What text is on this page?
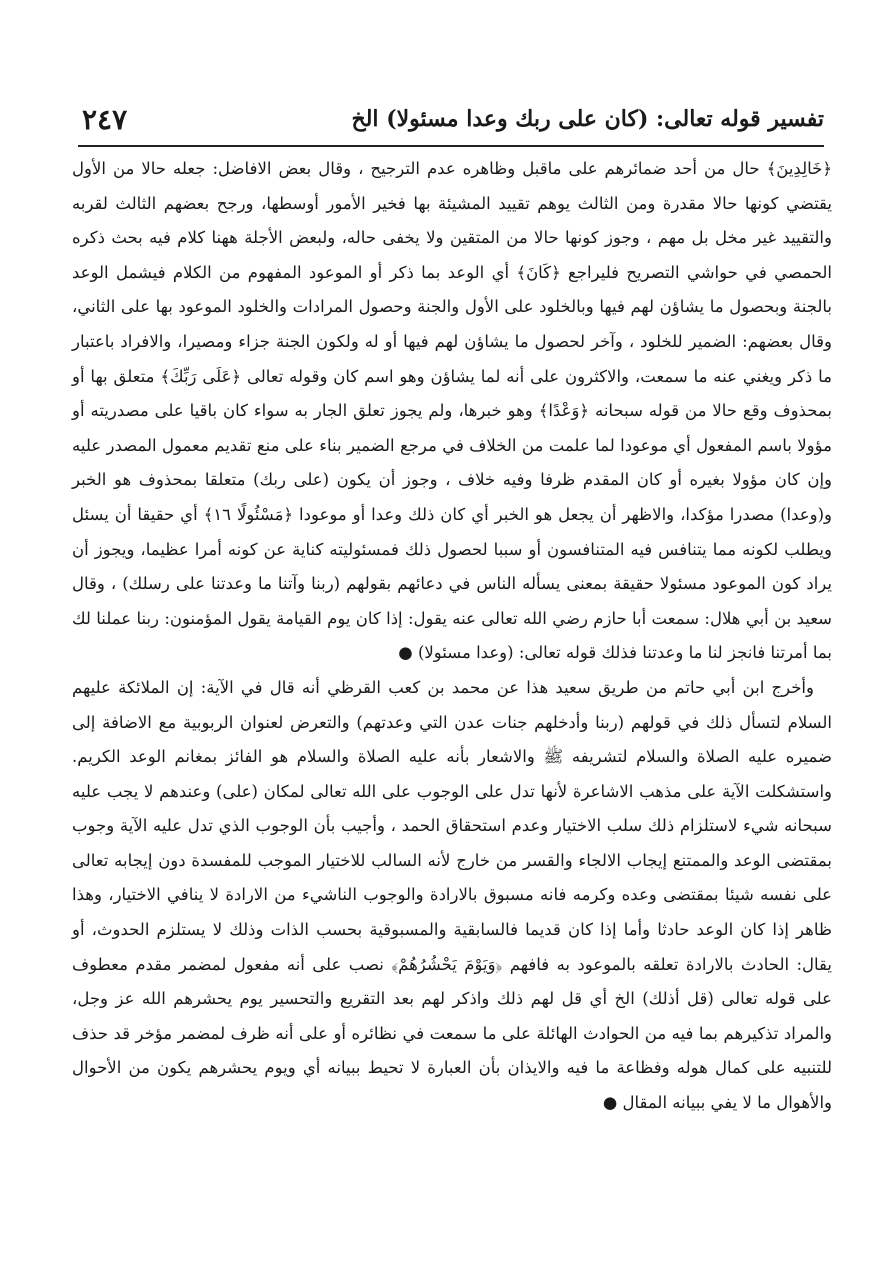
تفسير قوله تعالى: (كان على ربك وعدا مسئولا) الخ
٢٤٧

﴿خَالِدِينَ﴾ حال من أحد ضمائرهم على ماقبل وظاهره عدم الترجيح ، وقال بعض الافاضل: جعله حالا من الأول يقتضي كونها حالا مقدرة ومن الثالث يوهم تقييد المشيئة بها فخير الأمور أوسطها، ورجح بعضهم الثالث لقربه والتقييد غير مخل بل مهم ، وجوز كونها حالا من المتقين ولا يخفى حاله، ولبعض الأجلة ههنا كلام فيه بحث ذكره الحمصي في حواشي التصريح فليراجع ﴿كَانَ﴾ أي الوعد بما ذكر أو الموعود المفهوم من الكلام فيشمل الوعد بالجنة وبحصول ما يشاؤن لهم فيها وبالخلود على الأول والجنة وحصول المرادات والخلود الموعود بها على الثاني، وقال بعضهم: الضمير للخلود ، وآخر لحصول ما يشاؤن لهم فيها أو له ولكون الجنة جزاء ومصيرا، والافراد باعتبار ما ذكر ويغني عنه ما سمعت، والاكثرون على أنه لما يشاؤن وهو اسم كان وقوله تعالى ﴿عَلَى رَبِّكَ﴾ متعلق بها أو بمحذوف وقع حالا من قوله سبحانه ﴿وَعْدًا﴾ وهو خبرها، ولم يجوز تعلق الجار به سواء كان باقيا على مصدريته أو مؤولا باسم المفعول أي موعودا لما علمت من الخلاف في مرجع الضمير بناء على منع تقديم معمول المصدر عليه وإن كان مؤولا بغيره أو كان المقدم ظرفا وفيه خلاف ، وجوز أن يكون (على ربك) متعلقا بمحذوف هو الخبر و(وعدا) مصدرا مؤكدا، والاظهر أن يجعل هو الخبر أي كان ذلك وعدا أو موعودا ﴿مَسْئُولًا ١٦﴾ أي حقيقا أن يسئل ويطلب لكونه مما يتنافس فيه المتنافسون أو سببا لحصول ذلك فمسئوليته كناية عن كونه أمرا عظيما، ويجوز أن يراد كون الموعود مسئولا حقيقة بمعنى يسأله الناس في دعائهم بقولهم (ربنا وآتنا ما وعدتنا على رسلك) ، وقال سعيد بن أبي هلال: سمعت أبا حازم رضي الله تعالى عنه يقول: إذا كان يوم القيامة يقول المؤمنون: ربنا عملنا لك بما أمرتنا فانجز لنا ما وعدتنا فذلك قوله تعالى: (وعدا مسئولا) ●

وأخرج ابن أبي حاتم من طريق سعيد هذا عن محمد بن كعب القرظي أنه قال في الآية: إن الملائكة عليهم السلام لتسأل ذلك في قولهم (ربنا وأدخلهم جنات عدن التي وعدتهم) والتعرض لعنوان الربوبية مع الاضافة إلى ضميره عليه الصلاة والسلام لتشريفه ﷺ والاشعار بأنه عليه الصلاة والسلام هو الفائز بمغانم الوعد الكريم. واستشكلت الآية على مذهب الاشاعرة لأنها تدل على الوجوب على الله تعالى لمكان (على) وعندهم لا يجب عليه سبحانه شيء لاستلزام ذلك سلب الاختيار وعدم استحقاق الحمد ، وأجيب بأن الوجوب الذي تدل عليه الآية وجوب بمقتضى الوعد والممتنع إيجاب الالجاء والقسر من خارج لأنه السالب للاختيار الموجب للمفسدة دون إيجابه تعالى على نفسه شيئا بمقتضى وعده وكرمه فانه مسبوق بالارادة والوجوب الناشيء من الارادة لا ينافي الاختيار، وهذا ظاهر إذا كان الوعد حادثا وأما إذا كان قديما فالسابقية والمسبوقية بحسب الذات وذلك لا يستلزم الحدوث، أو يقال: الحادث بالارادة تعلقه بالموعود به فافهم ﴿وَيَوْمَ يَحْشُرُهُمْ﴾ نصب على أنه مفعول لمضمر مقدم معطوف على قوله تعالى (قل أذلك) الخ أي قل لهم ذلك واذكر لهم بعد التقريع والتحسير يوم يحشرهم الله عز وجل، والمراد تذكيرهم بما فيه من الحوادث الهائلة على ما سمعت في نظائره أو على أنه ظرف لمضمر مؤخر قد حذف للتنبيه على كمال هوله وفظاعة ما فيه والايذان بأن العبارة لا تحيط ببيانه أي ويوم يحشرهم يكون من الأحوال والأهوال ما لا يفي ببيانه المقال ●
